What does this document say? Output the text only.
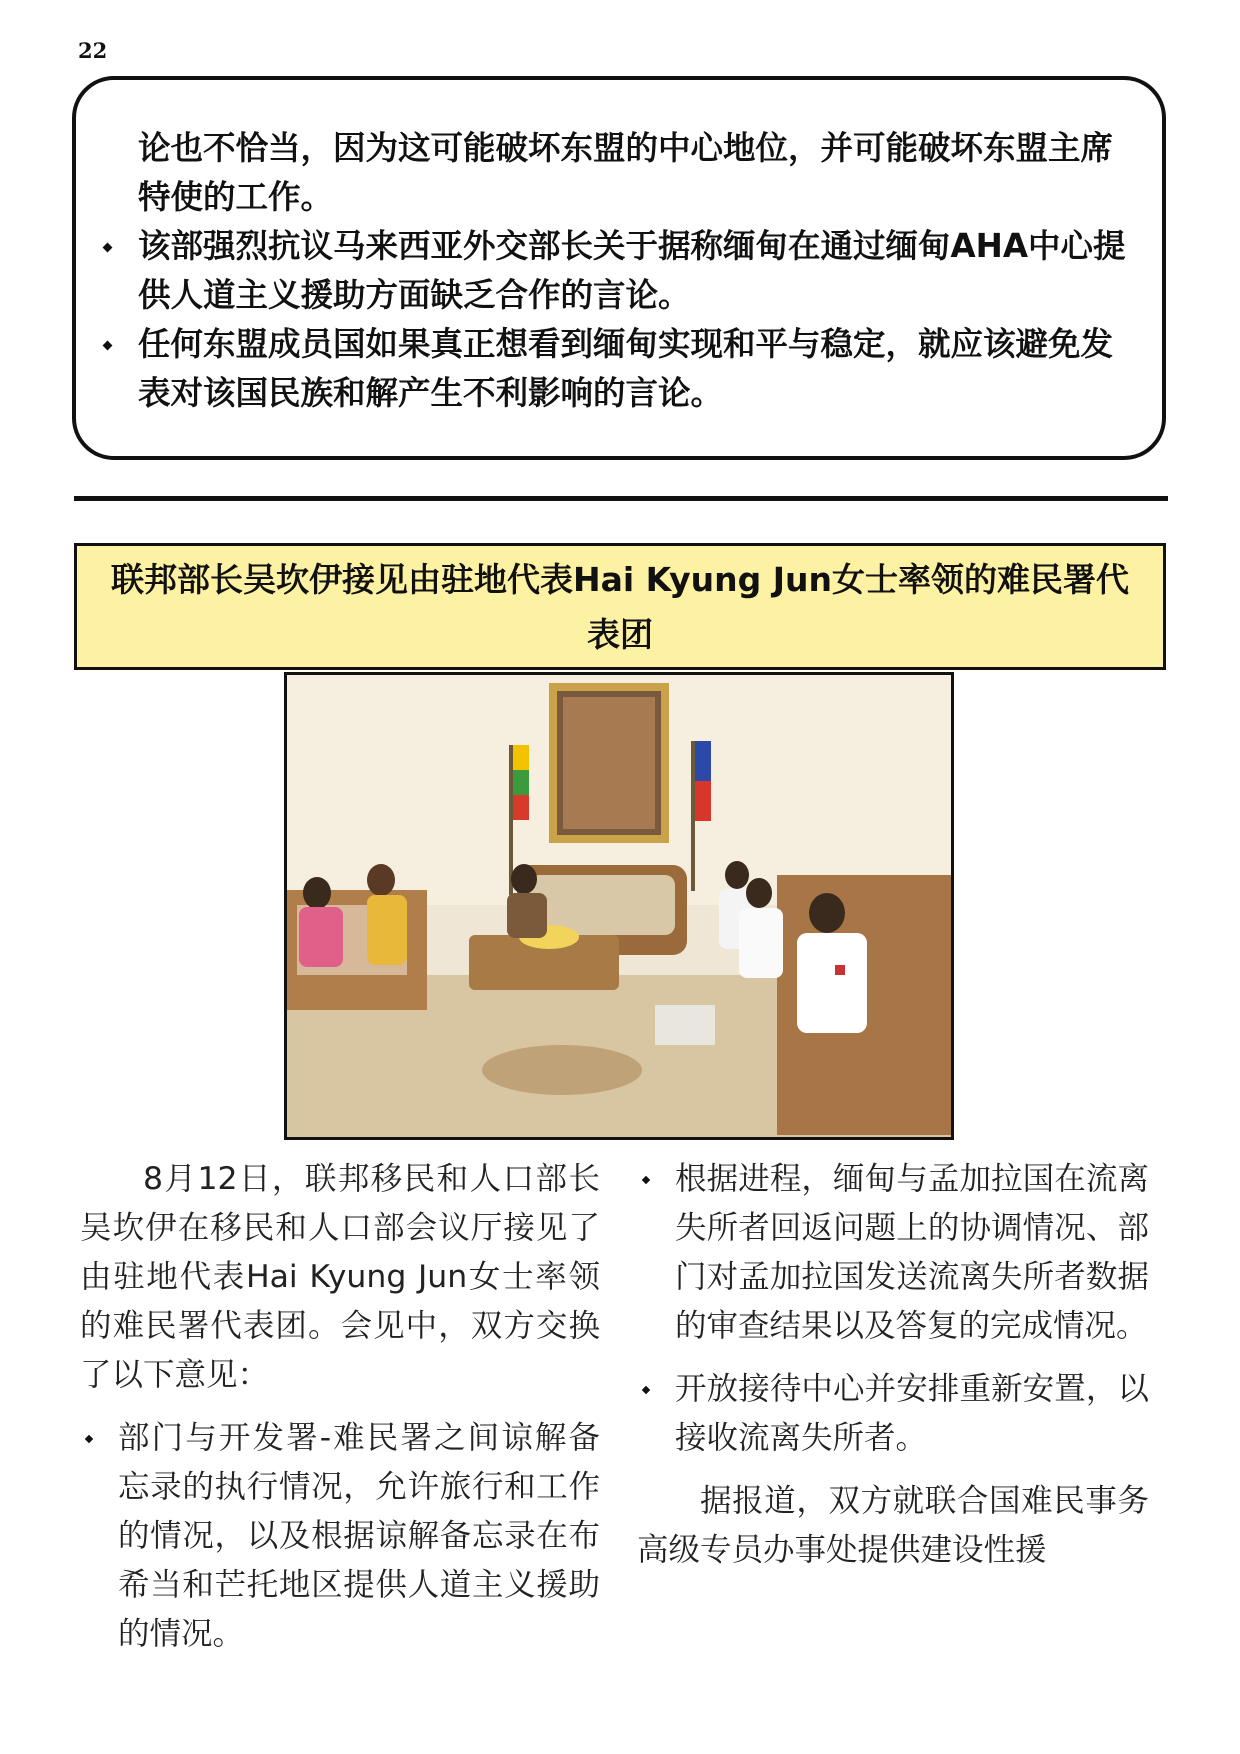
22

论也不恰当，因为这可能破坏东盟的中心地位，并可能破坏东盟主席特使的工作。

该部强烈抗议马来西亚外交部长关于据称缅甸在通过缅甸AHA中心提供人道主义援助方面缺乏合作的言论。
任何东盟成员国如果真正想看到缅甸实现和平与稳定，就应该避免发表对该国民族和解产生不利影响的言论。
联邦部长吴坎伊接见由驻地代表Hai Kyung Jun女士率领的难民署代表团

8月12日，联邦移民和人口部长吴坎伊在移民和人口部会议厅接见了由驻地代表Hai Kyung Jun女士率领的难民署代表团。会见中，双方交换了以下意见：

部门与开发署-难民署之间谅解备忘录的执行情况，允许旅行和工作的情况，以及根据谅解备忘录在布希当和芒托地区提供人道主义援助的情况。
根据进程，缅甸与孟加拉国在流离失所者回返问题上的协调情况、部门对孟加拉国发送流离失所者数据的审查结果以及答复的完成情况。
开放接待中心并安排重新安置，以接收流离失所者。

据报道，双方就联合国难民事务高级专员办事处提供建设性援
